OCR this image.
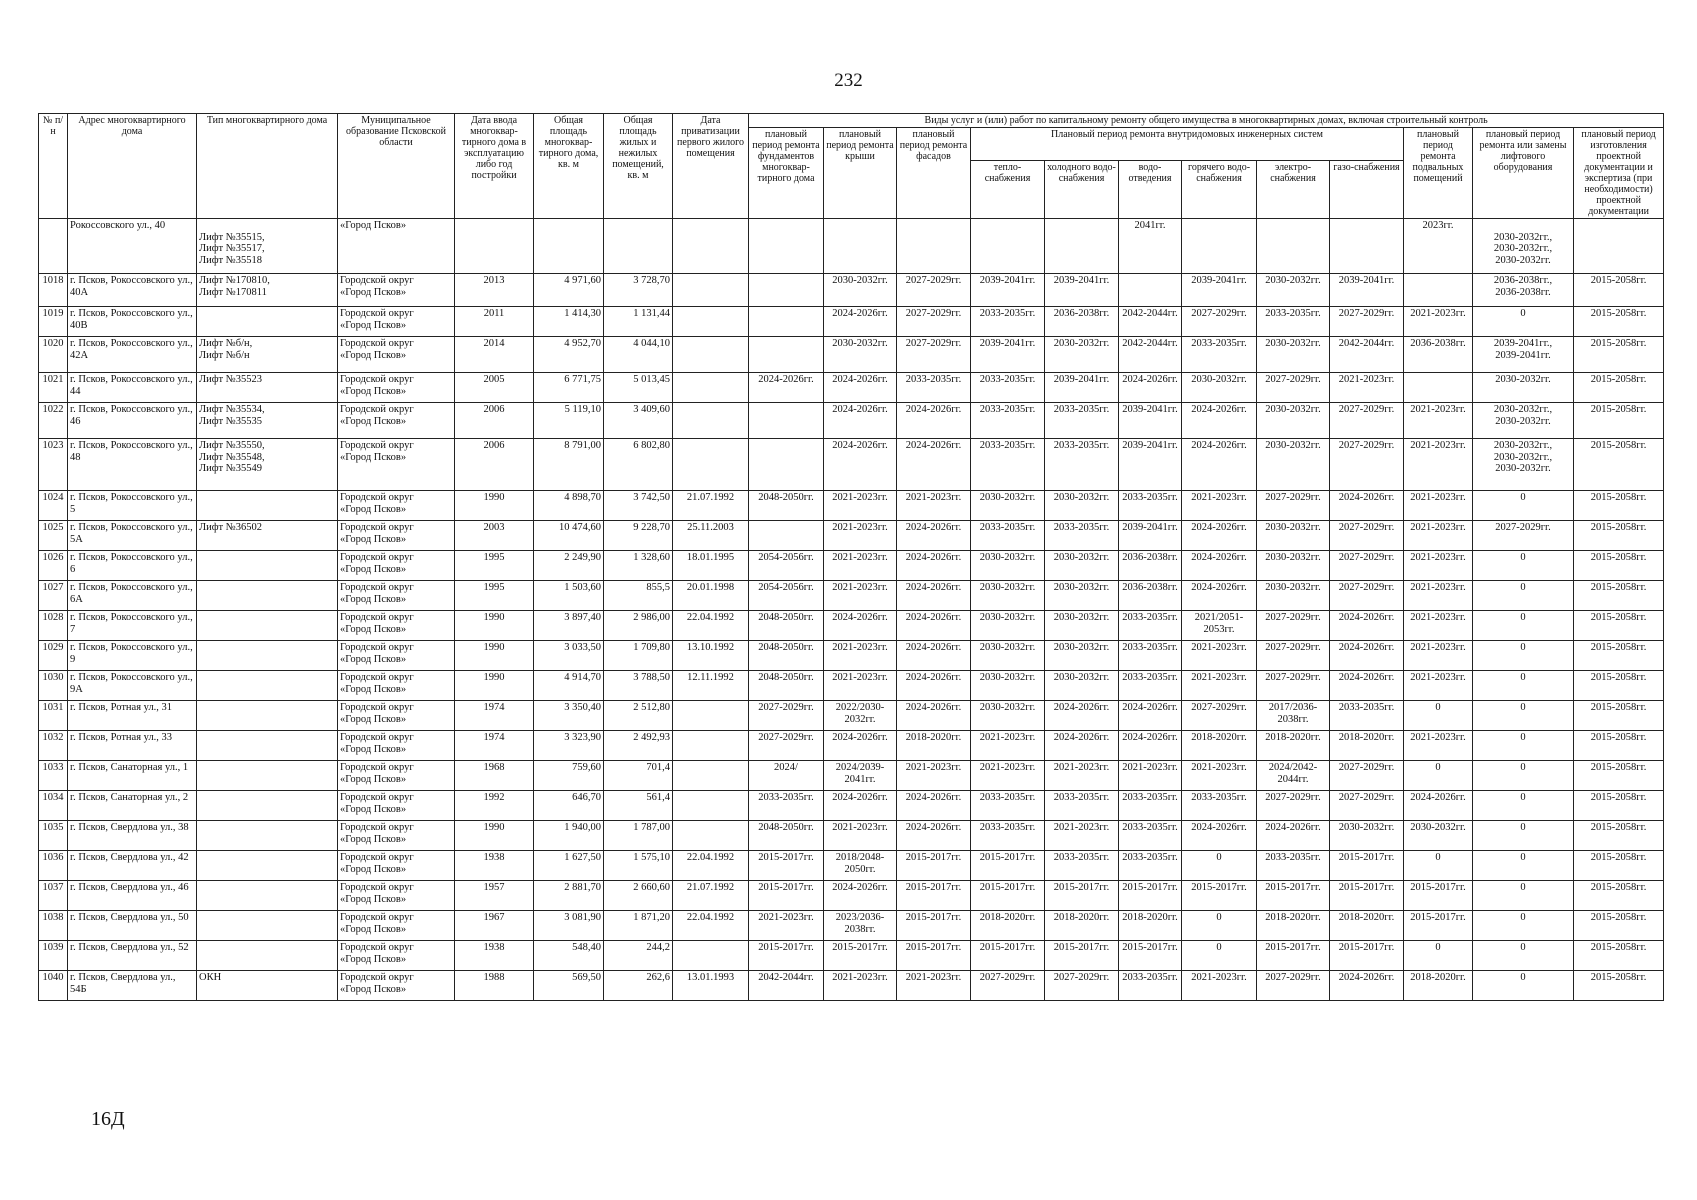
232
№ п/н	Адрес многоквартирного дома	Тип многоквартирного дома	Муниципальное образование Псковской области	Дата ввода многоквар-тирного дома в эксплуатацию либо год постройки	Общая площадь многоквар-тирного дома, кв. м	Общая площадь жилых и нежилых помещений, кв. м	Дата приватизации первого жилого помещения	Виды услуг и (или) работ по капитальному ремонту общего имущества в многоквартирных домах, включая строительный контроль											
								плановый период ремонта фундаментов многоквар-тирного дома	плановый период ремонта крыши	плановый период ремонта фасадов	Плановый период ремонта внутридомовых инженерных систем						плановый период ремонта подвальных помещений	плановый период ремонта или замены лифтового оборудования	плановый период изготовления проектной документации и экспертиза (при необходимости) проектной документации
											тепло-снабжения	холодного водо-снабжения	водо-отведения	горячего водо-снабжения	электро-снабжения	газо-снабжения			
	Рокоссовского ул., 40	Лифт №35515,
Лифт №35517,
Лифт №35518	«Город Псков»										2041гг.				2023гг.	2030-2032гг.,
2030-2032гг.,
2030-2032гг.	

1018	г. Псков, Рокоссовского ул., 40А	Лифт №170810,
Лифт №170811	Городской округ
«Город Псков»	2013	4 971,60	3 728,70			2030-2032гг.	2027-2029гг.	2039-2041гг.	2039-2041гг.		2039-2041гг.	2030-2032гг.	2039-2041гг.		2036-2038гг.,
2036-2038гг.	2015-2058гг.
1019	г. Псков, Рокоссовского ул., 40В		Городской округ
«Город Псков»	2011	1 414,30	1 131,44			2024-2026гг.	2027-2029гг.	2033-2035гг.	2036-2038гг.	2042-2044гг.	2027-2029гг.	2033-2035гг.	2027-2029гг.	2021-2023гг.	0	2015-2058гг.
1020	г. Псков, Рокоссовского ул., 42А	Лифт №б/н,
Лифт №б/н	Городской округ
«Город Псков»	2014	4 952,70	4 044,10			2030-2032гг.	2027-2029гг.	2039-2041гг.	2030-2032гг.	2042-2044гг.	2033-2035гг.	2030-2032гг.	2042-2044гг.	2036-2038гг.	2039-2041гг.,
2039-2041гг.	2015-2058гг.
1021	г. Псков, Рокоссовского ул., 44	Лифт №35523	Городской округ
«Город Псков»	2005	6 771,75	5 013,45		2024-2026гг.	2024-2026гг.	2033-2035гг.	2033-2035гг.	2039-2041гг.	2024-2026гг.	2030-2032гг.	2027-2029гг.	2021-2023гг.		2030-2032гг.	2015-2058гг.
1022	г. Псков, Рокоссовского ул., 46	Лифт №35534,
Лифт №35535	Городской округ
«Город Псков»	2006	5 119,10	3 409,60			2024-2026гг.	2024-2026гг.	2033-2035гг.	2033-2035гг.	2039-2041гг.	2024-2026гг.	2030-2032гг.	2027-2029гг.	2021-2023гг.	2030-2032гг.,
2030-2032гг.	2015-2058гг.
1023	г. Псков, Рокоссовского ул., 48	Лифт №35550,
Лифт №35548,
Лифт №35549	Городской округ
«Город Псков»	2006	8 791,00	6 802,80			2024-2026гг.	2024-2026гг.	2033-2035гг.	2033-2035гг.	2039-2041гг.	2024-2026гг.	2030-2032гг.	2027-2029гг.	2021-2023гг.	2030-2032гг.,
2030-2032гг.,
2030-2032гг.	2015-2058гг.
1024	г. Псков, Рокоссовского ул., 5		Городской округ
«Город Псков»	1990	4 898,70	3 742,50	21.07.1992	2048-2050гг.	2021-2023гг.	2021-2023гг.	2030-2032гг.	2030-2032гг.	2033-2035гг.	2021-2023гг.	2027-2029гг.	2024-2026гг.	2021-2023гг.	0	2015-2058гг.
1025	г. Псков, Рокоссовского ул., 5А	Лифт №36502	Городской округ
«Город Псков»	2003	10 474,60	9 228,70	25.11.2003		2021-2023гг.	2024-2026гг.	2033-2035гг.	2033-2035гг.	2039-2041гг.	2024-2026гг.	2030-2032гг.	2027-2029гг.	2021-2023гг.	2027-2029гг.	2015-2058гг.
1026	г. Псков, Рокоссовского ул., 6		Городской округ
«Город Псков»	1995	2 249,90	1 328,60	18.01.1995	2054-2056гг.	2021-2023гг.	2024-2026гг.	2030-2032гг.	2030-2032гг.	2036-2038гг.	2024-2026гг.	2030-2032гг.	2027-2029гг.	2021-2023гг.	0	2015-2058гг.
1027	г. Псков, Рокоссовского ул., 6А		Городской округ
«Город Псков»	1995	1 503,60	855,5	20.01.1998	2054-2056гг.	2021-2023гг.	2024-2026гг.	2030-2032гг.	2030-2032гг.	2036-2038гг.	2024-2026гг.	2030-2032гг.	2027-2029гг.	2021-2023гг.	0	2015-2058гг.
1028	г. Псков, Рокоссовского ул., 7		Городской округ
«Город Псков»	1990	3 897,40	2 986,00	22.04.1992	2048-2050гг.	2024-2026гг.	2024-2026гг.	2030-2032гг.	2030-2032гг.	2033-2035гг.	2021/2051-2053гг.	2027-2029гг.	2024-2026гг.	2021-2023гг.	0	2015-2058гг.
1029	г. Псков, Рокоссовского ул., 9		Городской округ
«Город Псков»	1990	3 033,50	1 709,80	13.10.1992	2048-2050гг.	2021-2023гг.	2024-2026гг.	2030-2032гг.	2030-2032гг.	2033-2035гг.	2021-2023гг.	2027-2029гг.	2024-2026гг.	2021-2023гг.	0	2015-2058гг.
1030	г. Псков, Рокоссовского ул., 9А		Городской округ
«Город Псков»	1990	4 914,70	3 788,50	12.11.1992	2048-2050гг.	2021-2023гг.	2024-2026гг.	2030-2032гг.	2030-2032гг.	2033-2035гг.	2021-2023гг.	2027-2029гг.	2024-2026гг.	2021-2023гг.	0	2015-2058гг.
1031	г. Псков, Ротная ул., 31		Городской округ
«Город Псков»	1974	3 350,40	2 512,80		2027-2029гг.	2022/2030-2032гг.	2024-2026гг.	2030-2032гг.	2024-2026гг.	2024-2026гг.	2027-2029гг.	2017/2036-2038гг.	2033-2035гг.	0	0	2015-2058гг.
1032	г. Псков, Ротная ул., 33		Городской округ
«Город Псков»	1974	3 323,90	2 492,93		2027-2029гг.	2024-2026гг.	2018-2020гг.	2021-2023гг.	2024-2026гг.	2024-2026гг.	2018-2020гг.	2018-2020гг.	2018-2020гг.	2021-2023гг.	0	2015-2058гг.
1033	г. Псков, Санаторная ул., 1		Городской округ
«Город Псков»	1968	759,60	701,4		2024/	2024/2039-2041гг.	2021-2023гг.	2021-2023гг.	2021-2023гг.	2021-2023гг.	2021-2023гг.	2024/2042-2044гг.	2027-2029гг.	0	0	2015-2058гг.
1034	г. Псков, Санаторная ул., 2		Городской округ
«Город Псков»	1992	646,70	561,4		2033-2035гг.	2024-2026гг.	2024-2026гг.	2033-2035гг.	2033-2035гг.	2033-2035гг.	2033-2035гг.	2027-2029гг.	2027-2029гг.	2024-2026гг.	0	2015-2058гг.
1035	г. Псков, Свердлова ул., 38		Городской округ
«Город Псков»	1990	1 940,00	1 787,00		2048-2050гг.	2021-2023гг.	2024-2026гг.	2033-2035гг.	2021-2023гг.	2033-2035гг.	2024-2026гг.	2024-2026гг.	2030-2032гг.	2030-2032гг.	0	2015-2058гг.
1036	г. Псков, Свердлова ул., 42		Городской округ
«Город Псков»	1938	1 627,50	1 575,10	22.04.1992	2015-2017гг.	2018/2048-2050гг.	2015-2017гг.	2015-2017гг.	2033-2035гг.	2033-2035гг.	0	2033-2035гг.	2015-2017гг.	0	0	2015-2058гг.
1037	г. Псков, Свердлова ул., 46		Городской округ
«Город Псков»	1957	2 881,70	2 660,60	21.07.1992	2015-2017гг.	2024-2026гг.	2015-2017гг.	2015-2017гг.	2015-2017гг.	2015-2017гг.	2015-2017гг.	2015-2017гг.	2015-2017гг.	2015-2017гг.	0	2015-2058гг.
1038	г. Псков, Свердлова ул., 50		Городской округ
«Город Псков»	1967	3 081,90	1 871,20	22.04.1992	2021-2023гг.	2023/2036-2038гг.	2015-2017гг.	2018-2020гг.	2018-2020гг.	2018-2020гг.	0	2018-2020гг.	2018-2020гг.	2015-2017гг.	0	2015-2058гг.
1039	г. Псков, Свердлова ул., 52		Городской округ
«Город Псков»	1938	548,40	244,2		2015-2017гг.	2015-2017гг.	2015-2017гг.	2015-2017гг.	2015-2017гг.	2015-2017гг.	0	2015-2017гг.	2015-2017гг.	0	0	2015-2058гг.
1040	г. Псков, Свердлова ул., 54Б	ОКН	Городской округ
«Город Псков»	1988	569,50	262,6	13.01.1993	2042-2044гг.	2021-2023гг.	2021-2023гг.	2027-2029гг.	2027-2029гг.	2033-2035гг.	2021-2023гг.	2027-2029гг.	2024-2026гг.	2018-2020гг.	0	2015-2058гг.
16Д
